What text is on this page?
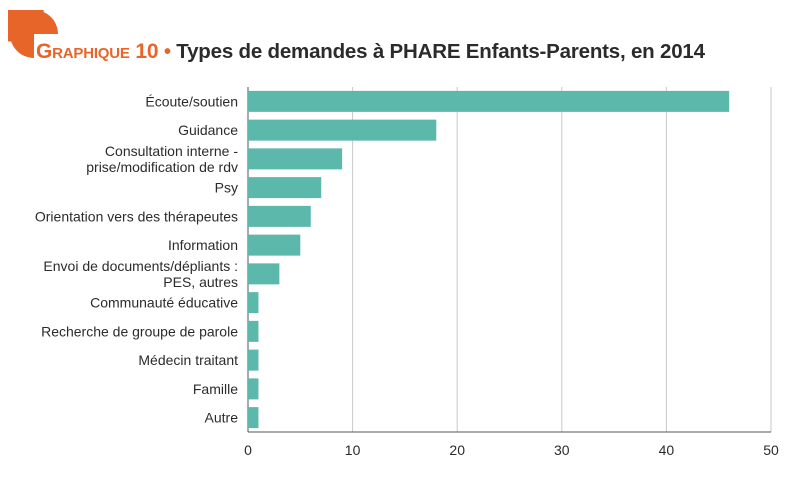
Graphique 10 • Types de demandes à PHARE Enfants-Parents, en 2014
0	10	20	30	40	50
Écoute/soutien
Guidance
Consultation interne -
prise/modification de rdv
Psy
Orientation vers des thérapeutes
Information
Envoi de documents/dépliants :
PES, autres
Communauté éducative
Recherche de groupe de parole
Médecin traitant
Famille
Autre
